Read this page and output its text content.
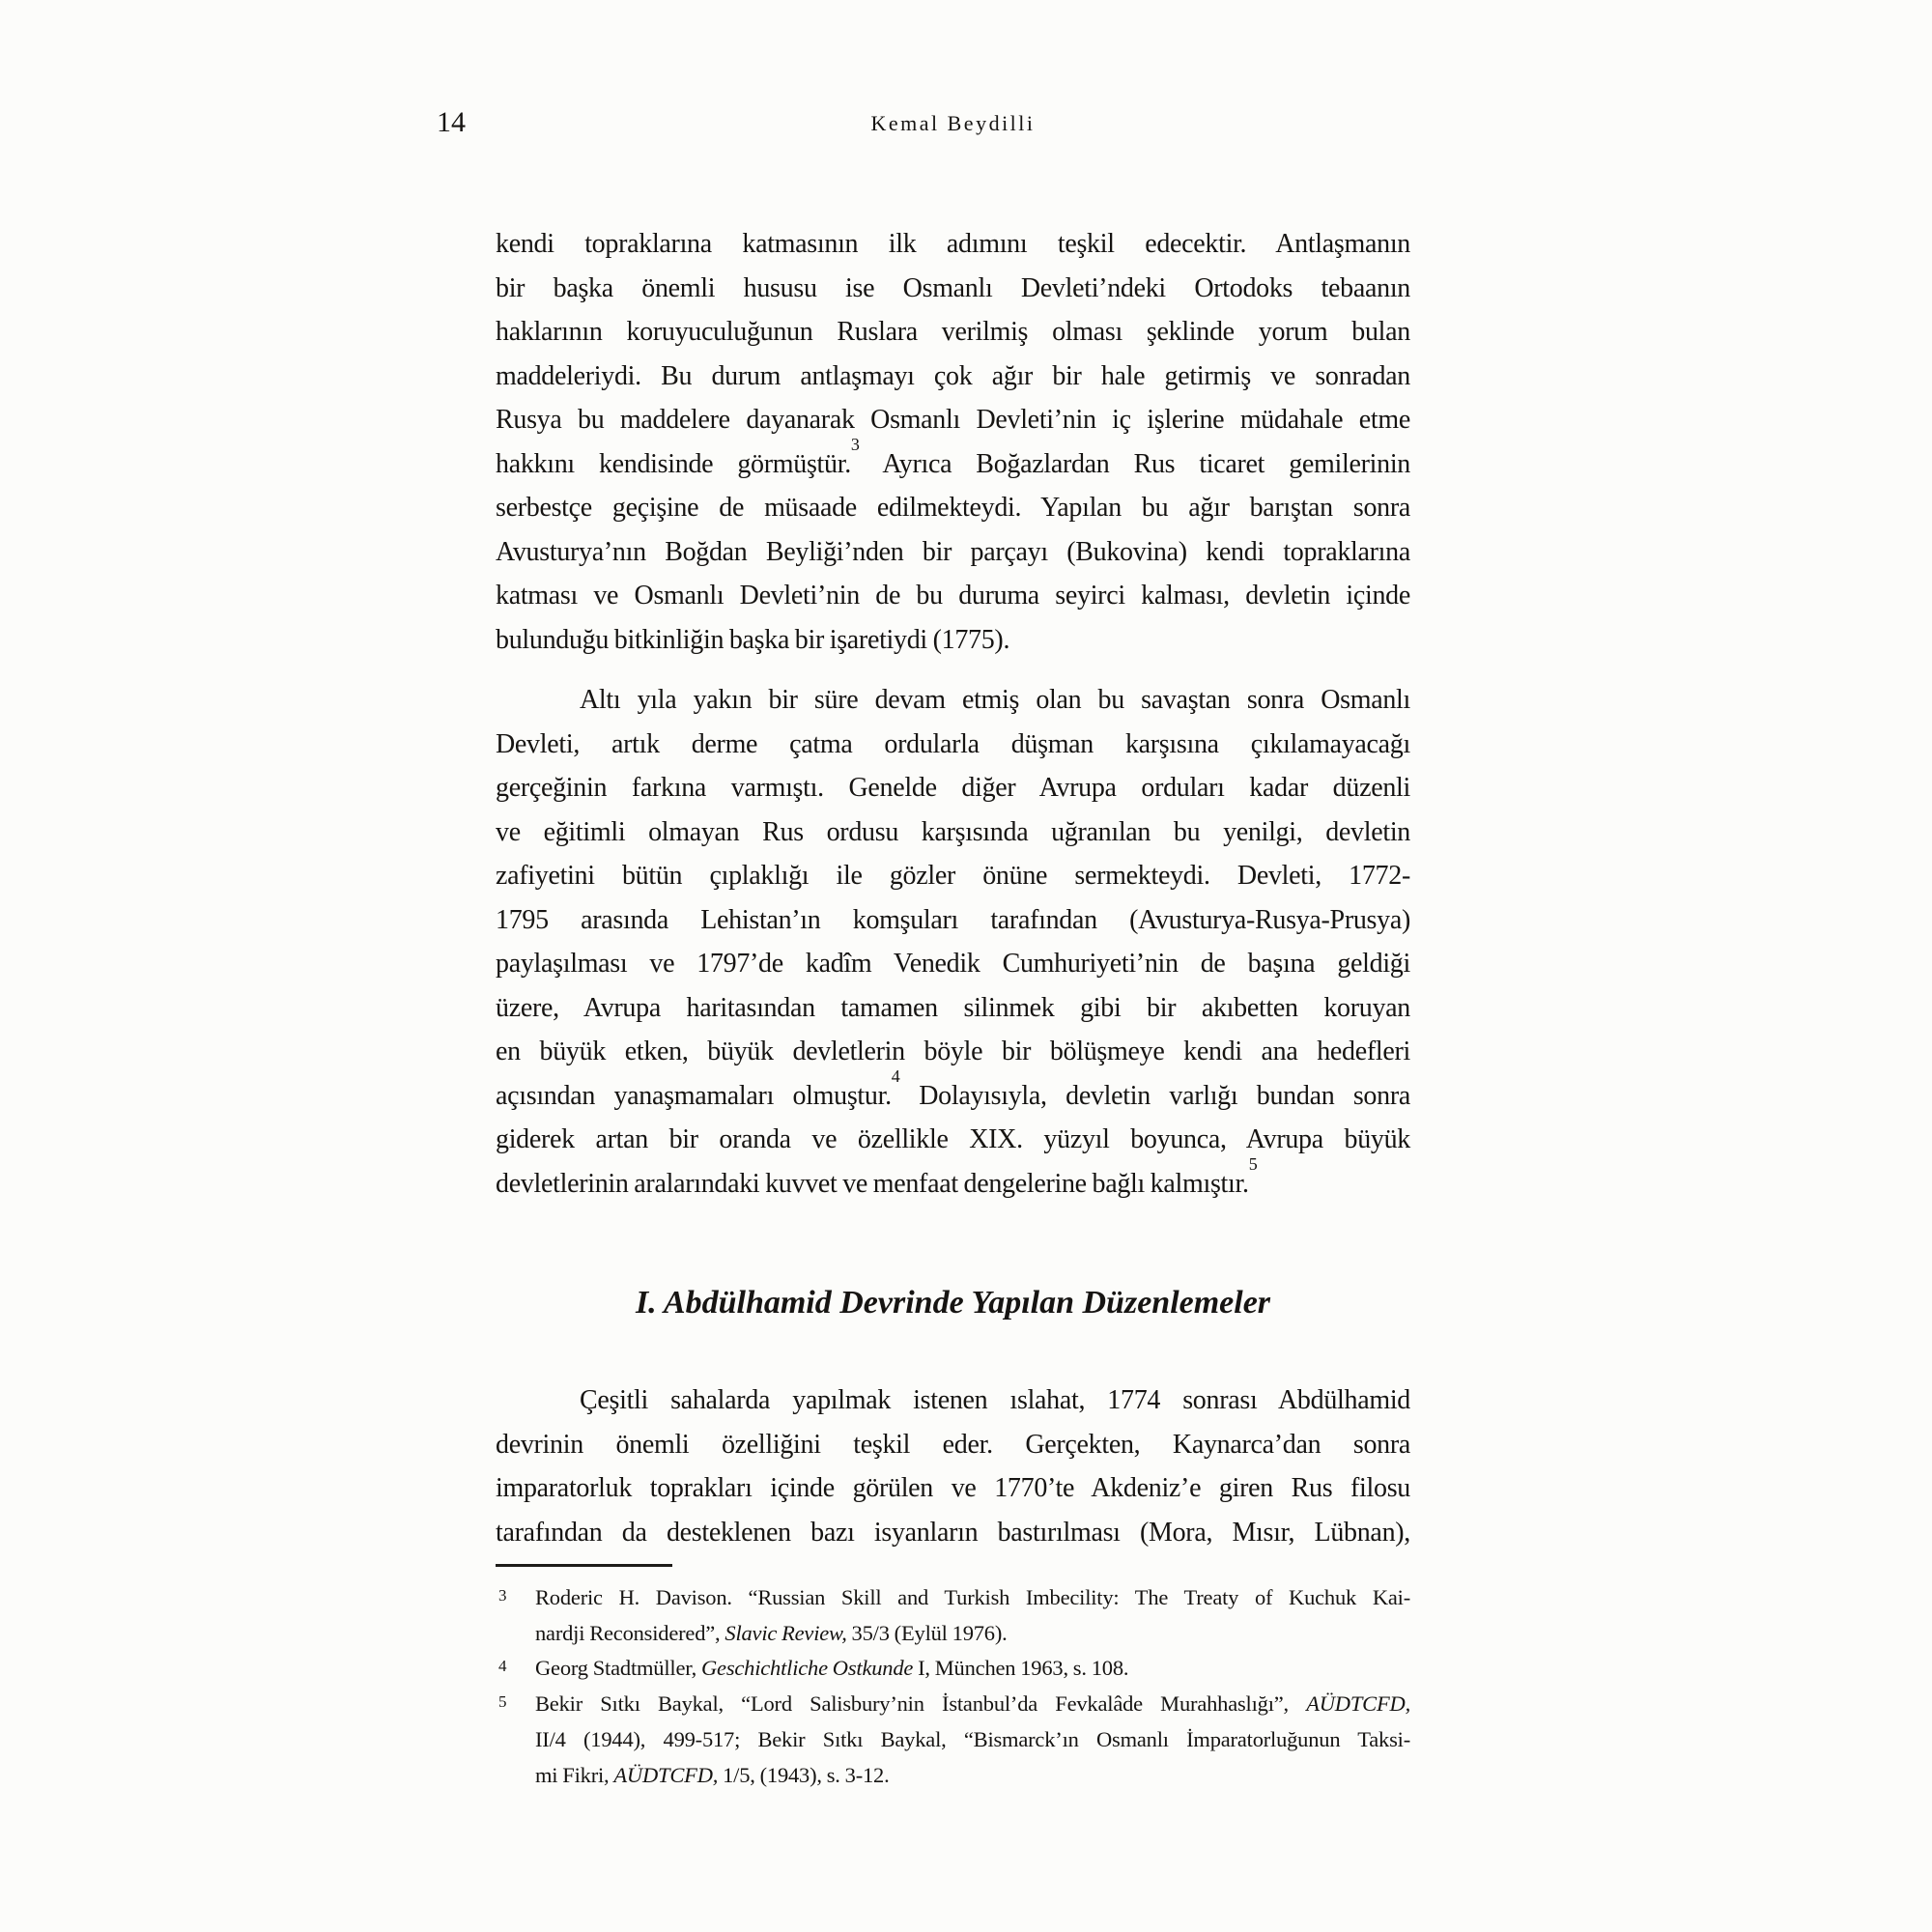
14	Kemal Beydilli
kendi topraklarına katmasının ilk adımını teşkil edecektir. Antlaşmanın
bir başka önemli hususu ise Osmanlı Devleti’ndeki Ortodoks tebaanın
haklarının koruyuculuğunun Ruslara verilmiş olması şeklinde yorum bulan
maddeleriydi. Bu durum antlaşmayı çok ağır bir hale getirmiş ve sonradan
Rusya bu maddelere dayanarak Osmanlı Devleti’nin iç işlerine müdahale etme
hakkını kendisinde görmüştür.$^3$ Ayrıca Boğazlardan Rus ticaret gemilerinin
serbestçe geçişine de müsaade edilmekteydi. Yapılan bu ağır barıştan sonra
Avusturya’nın Boğdan Beyliği’nden bir parçayı (Bukovina) kendi topraklarına
katması ve Osmanlı Devleti’nin de bu duruma seyirci kalması, devletin içinde
bulunduğu bitkinliğin başka bir işaretiydi (1775).
Altı yıla yakın bir süre devam etmiş olan bu savaştan sonra Osmanlı
Devleti, artık derme çatma ordularla düşman karşısına çıkılamayacağı
gerçeğinin farkına varmıştı. Genelde diğer Avrupa orduları kadar düzenli
ve eğitimli olmayan Rus ordusu karşısında uğranılan bu yenilgi, devletin
zafiyetini bütün çıplaklığı ile gözler önüne sermekteydi. Devleti, 1772-
1795 arasında Lehistan’ın komşuları tarafından (Avusturya-Rusya-Prusya)
paylaşılması ve 1797’de kadîm Venedik Cumhuriyeti’nin de başına geldiği
üzere, Avrupa haritasından tamamen silinmek gibi bir akıbetten koruyan
en büyük etken, büyük devletlerin böyle bir bölüşmeye kendi ana hedefleri
açısından yanaşmamaları olmuştur.$^4$ Dolayısıyla, devletin varlığı bundan sonra
giderek artan bir oranda ve özellikle XIX. yüzyıl boyunca, Avrupa büyük
devletlerinin aralarındaki kuvvet ve menfaat dengelerine bağlı kalmıştır.$^5$
I. Abdülhamid Devrinde Yapılan Düzenlemeler
Çeşitli sahalarda yapılmak istenen ıslahat, 1774 sonrası Abdülhamid
devrinin önemli özelliğini teşkil eder. Gerçekten, Kaynarca’dan sonra
imparatorluk toprakları içinde görülen ve 1770’te Akdeniz’e giren Rus filosu
tarafından da desteklenen bazı isyanların bastırılması (Mora, Mısır, Lübnan),
3 Roderic H. Davison. “Russian Skill and Turkish Imbecility: The Treaty of Kuchuk Kai-
nardji Reconsidered”, Slavic Review, 35/3 (Eylül 1976).
4 Georg Stadtmüller, Geschichtliche Ostkunde I, München 1963, s. 108.
5 Bekir Sıtkı Baykal, “Lord Salisbury’nin İstanbul’da Fevkalâde Murahhaslığı”, AÜDTCFD,
II/4 (1944), 499-517; Bekir Sıtkı Baykal, “Bismarck’ın Osmanlı İmparatorluğunun Taksi-
mi Fikri, AÜDTCFD, 1/5, (1943), s. 3-12.
